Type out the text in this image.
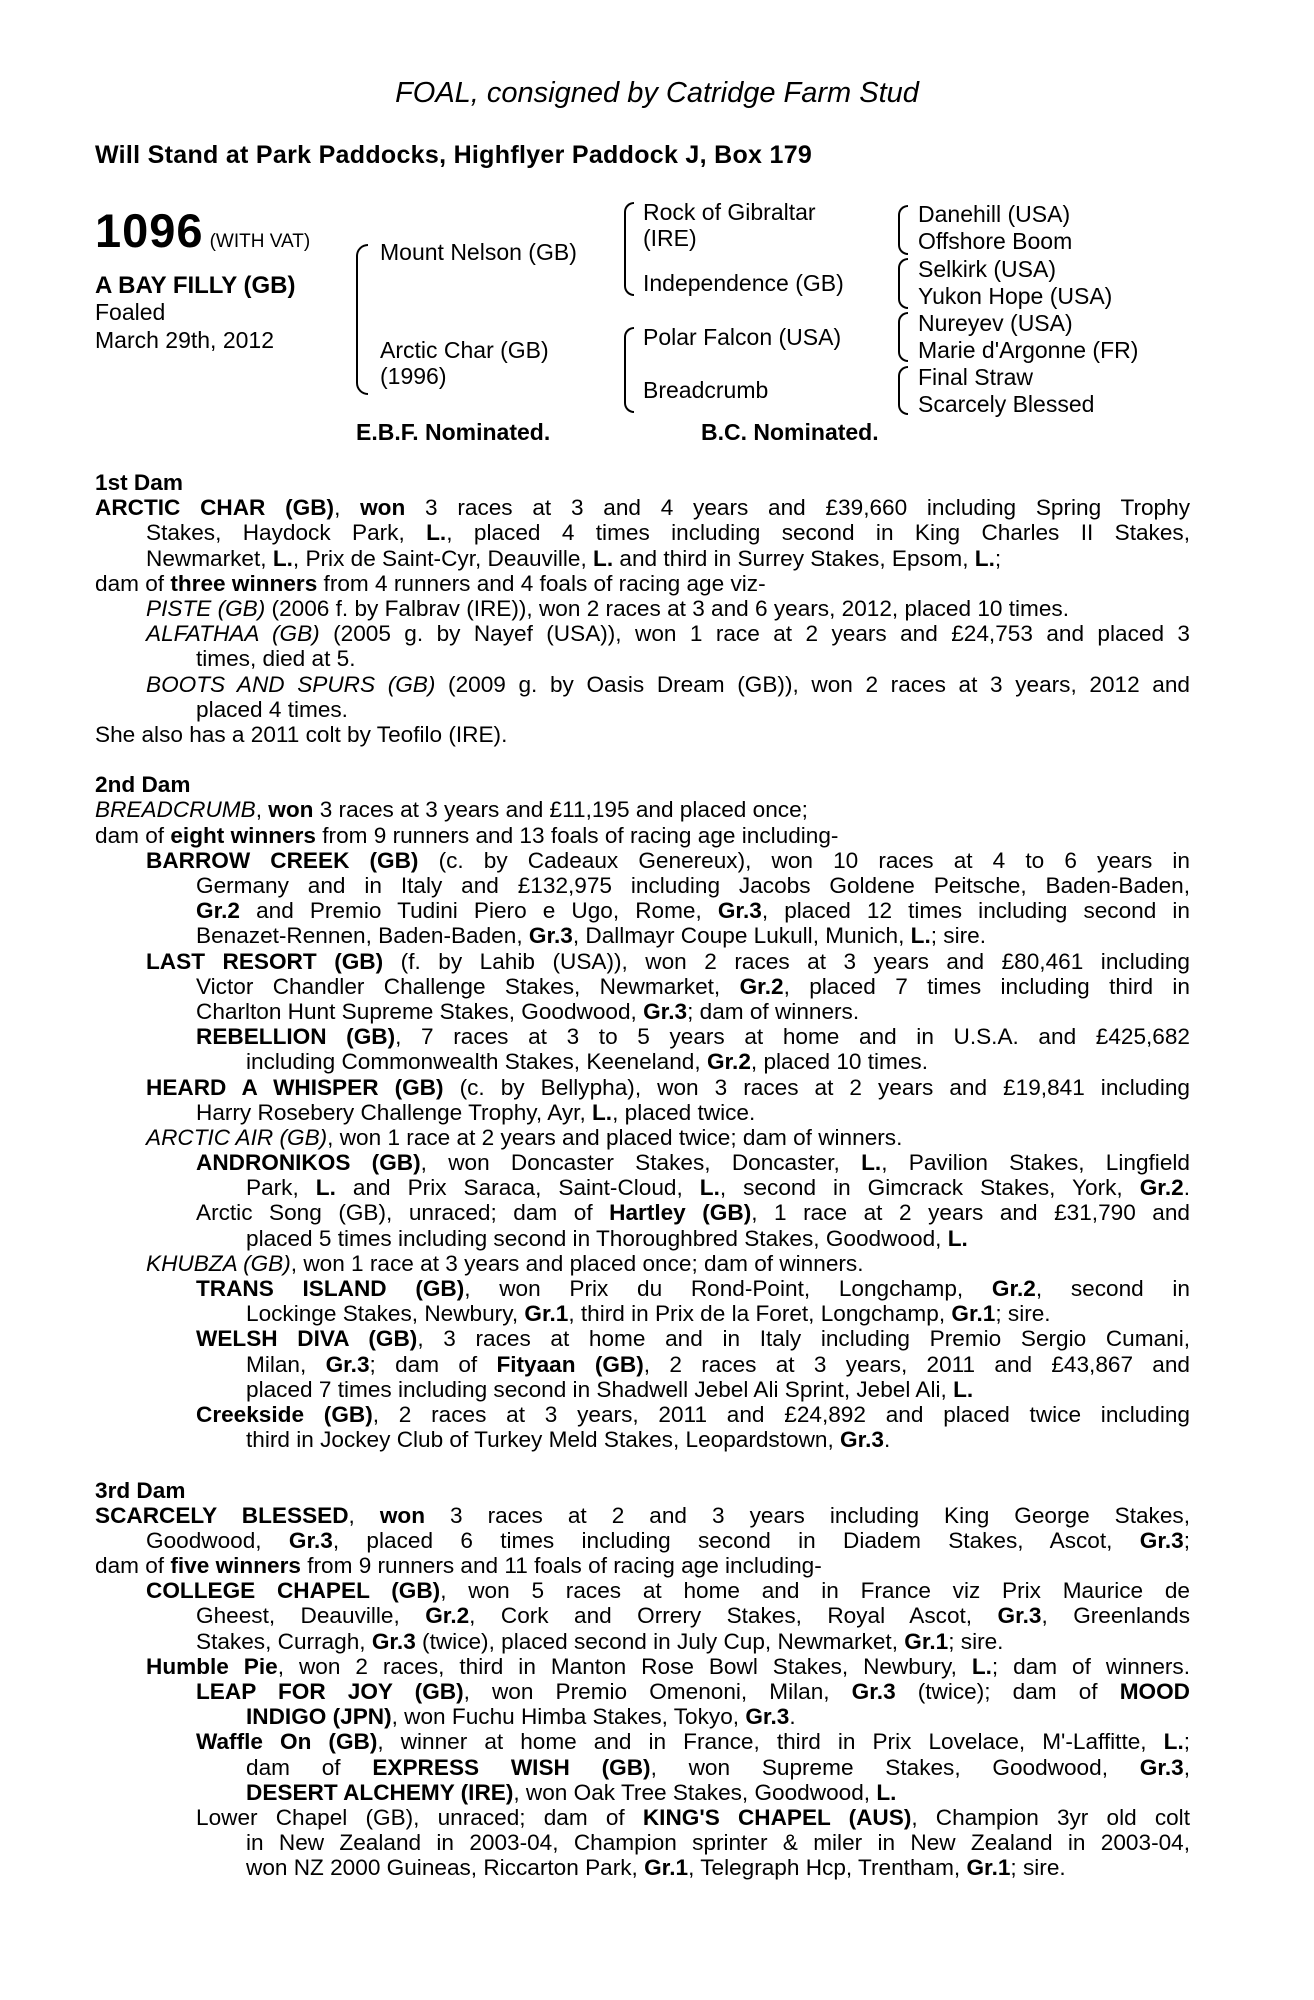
FOAL, consigned by Catridge Farm Stud
Will Stand at Park Paddocks, Highflyer Paddock J, Box 179
1096 (WITH VAT)
A BAY FILLY (GB)
Foaled
March 29th, 2012
Mount Nelson (GB)
Arctic Char (GB)
(1996)
Rock of Gibraltar
(IRE)
Independence (GB)
Polar Falcon (USA)
Breadcrumb
Danehill (USA)
Offshore Boom
Selkirk (USA)
Yukon Hope (USA)
Nureyev (USA)
Marie d'Argonne (FR)
Final Straw
Scarcely Blessed
E.B.F. Nominated.	B.C. Nominated.
1st Dam
ARCTIC CHAR (GB), won 3 races at 3 and 4 years and £39,660 including Spring Trophy
Stakes, Haydock Park, L., placed 4 times including second in King Charles II Stakes,
Newmarket, L., Prix de Saint-Cyr, Deauville, L. and third in Surrey Stakes, Epsom, L.;
dam of three winners from 4 runners and 4 foals of racing age viz-
PISTE (GB) (2006 f. by Falbrav (IRE)), won 2 races at 3 and 6 years, 2012, placed 10 times.
ALFATHAA (GB) (2005 g. by Nayef (USA)), won 1 race at 2 years and £24,753 and placed 3
times, died at 5.
BOOTS AND SPURS (GB) (2009 g. by Oasis Dream (GB)), won 2 races at 3 years, 2012 and
placed 4 times.
She also has a 2011 colt by Teofilo (IRE).
2nd Dam
BREADCRUMB, won 3 races at 3 years and £11,195 and placed once;
dam of eight winners from 9 runners and 13 foals of racing age including-
BARROW CREEK (GB) (c. by Cadeaux Genereux), won 10 races at 4 to 6 years in
Germany and in Italy and £132,975 including Jacobs Goldene Peitsche, Baden-Baden,
Gr.2 and Premio Tudini Piero e Ugo, Rome, Gr.3, placed 12 times including second in
Benazet-Rennen, Baden-Baden, Gr.3, Dallmayr Coupe Lukull, Munich, L.; sire.
LAST RESORT (GB) (f. by Lahib (USA)), won 2 races at 3 years and £80,461 including
Victor Chandler Challenge Stakes, Newmarket, Gr.2, placed 7 times including third in
Charlton Hunt Supreme Stakes, Goodwood, Gr.3; dam of winners.
REBELLION (GB), 7 races at 3 to 5 years at home and in U.S.A. and £425,682
including Commonwealth Stakes, Keeneland, Gr.2, placed 10 times.
HEARD A WHISPER (GB) (c. by Bellypha), won 3 races at 2 years and £19,841 including
Harry Rosebery Challenge Trophy, Ayr, L., placed twice.
ARCTIC AIR (GB), won 1 race at 2 years and placed twice; dam of winners.
ANDRONIKOS (GB), won Doncaster Stakes, Doncaster, L., Pavilion Stakes, Lingfield
Park, L. and Prix Saraca, Saint-Cloud, L., second in Gimcrack Stakes, York, Gr.2.
Arctic Song (GB), unraced; dam of Hartley (GB), 1 race at 2 years and £31,790 and
placed 5 times including second in Thoroughbred Stakes, Goodwood, L.
KHUBZA (GB), won 1 race at 3 years and placed once; dam of winners.
TRANS ISLAND (GB), won Prix du Rond-Point, Longchamp, Gr.2, second in
Lockinge Stakes, Newbury, Gr.1, third in Prix de la Foret, Longchamp, Gr.1; sire.
WELSH DIVA (GB), 3 races at home and in Italy including Premio Sergio Cumani,
Milan, Gr.3; dam of Fityaan (GB), 2 races at 3 years, 2011 and £43,867 and
placed 7 times including second in Shadwell Jebel Ali Sprint, Jebel Ali, L.
Creekside (GB), 2 races at 3 years, 2011 and £24,892 and placed twice including
third in Jockey Club of Turkey Meld Stakes, Leopardstown, Gr.3.
3rd Dam
SCARCELY BLESSED, won 3 races at 2 and 3 years including King George Stakes,
Goodwood, Gr.3, placed 6 times including second in Diadem Stakes, Ascot, Gr.3;
dam of five winners from 9 runners and 11 foals of racing age including-
COLLEGE CHAPEL (GB), won 5 races at home and in France viz Prix Maurice de
Gheest, Deauville, Gr.2, Cork and Orrery Stakes, Royal Ascot, Gr.3, Greenlands
Stakes, Curragh, Gr.3 (twice), placed second in July Cup, Newmarket, Gr.1; sire.
Humble Pie, won 2 races, third in Manton Rose Bowl Stakes, Newbury, L.; dam of winners.
LEAP FOR JOY (GB), won Premio Omenoni, Milan, Gr.3 (twice); dam of MOOD
INDIGO (JPN), won Fuchu Himba Stakes, Tokyo, Gr.3.
Waffle On (GB), winner at home and in France, third in Prix Lovelace, M'-Laffitte, L.;
dam of EXPRESS WISH (GB), won Supreme Stakes, Goodwood, Gr.3,
DESERT ALCHEMY (IRE), won Oak Tree Stakes, Goodwood, L.
Lower Chapel (GB), unraced; dam of KING'S CHAPEL (AUS), Champion 3yr old colt
in New Zealand in 2003-04, Champion sprinter & miler in New Zealand in 2003-04,
won NZ 2000 Guineas, Riccarton Park, Gr.1, Telegraph Hcp, Trentham, Gr.1; sire.
